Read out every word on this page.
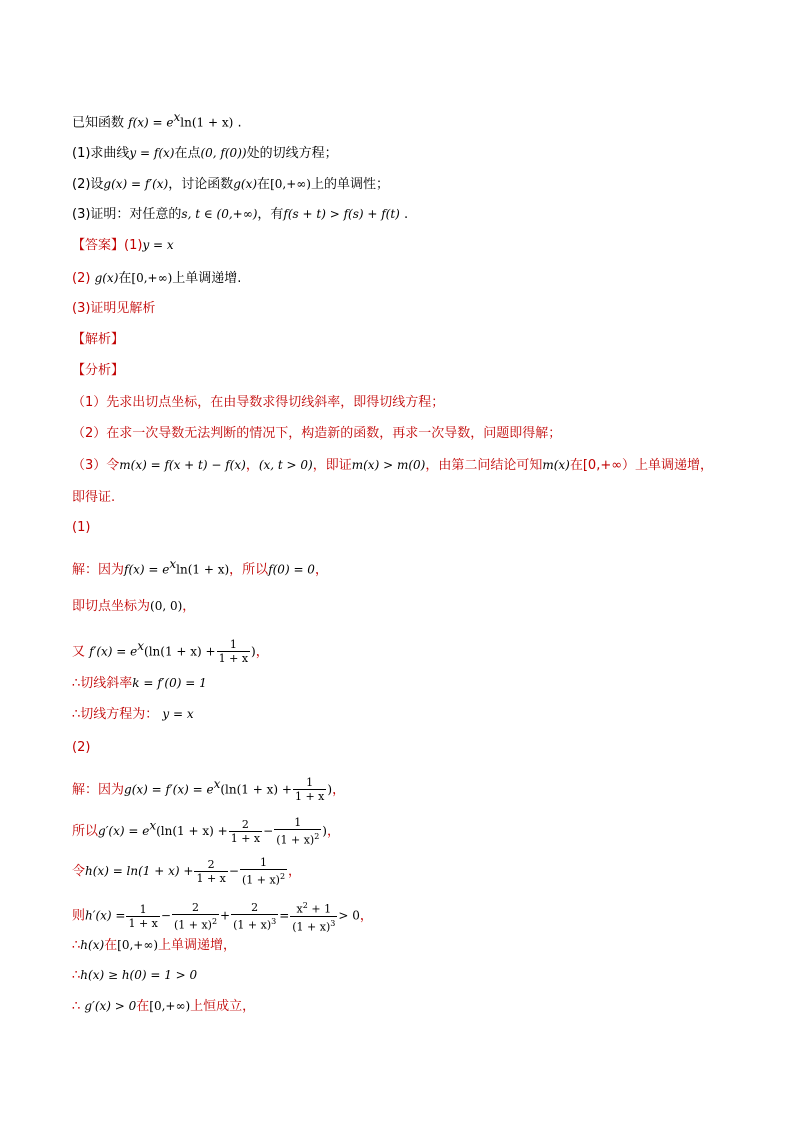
已知函数 $f(x) = e^x\ln(1 + x)$ .
(1)求曲线y = f(x)在点(0, f(0))处的切线方程；
(2)设g(x) = f′(x)，讨论函数g(x)在[0,+∞)上的单调性；
(3)证明：对任意的s, t ∈ (0,+∞)，有f(s + t) > f(s) + f(t) .
【答案】(1)y = x
(2) g(x)在[0,+∞)上单调递增.
(3)证明见解析
【解析】
【分析】
（1）先求出切点坐标，在由导数求得切线斜率，即得切线方程；
（2）在求一次导数无法判断的情况下，构造新的函数，再求一次导数，问题即得解；
（3）令m(x) = f(x + t) − f(x)，(x, t > 0)，即证m(x) > m(0)，由第二问结论可知m(x)在[0,+∞）上单调递增，
即得证.
(1)
解：因为$f(x) = e^x\ln(1 + x)$，所以f(0) = 0，
即切点坐标为(0, 0)，
又 $f'(x) = e^x(\ln(1 + x) + \frac{1}{1 + x}$ )，
∴切线斜率k = f′(0) = 1
∴切线方程为： y = x
(2)
解：因为$g(x) = f'(x) = e^x(\ln(1 + x) + \frac{1}{1 + x}$ )，
所以$g'(x) = e^x(\ln(1 + x) + \frac{2}{1 + x} - \frac{1}{(1 + x)^2}$ )，
令$h(x) = \ln(1 + x) + \frac{2}{1 + x} - \frac{1}{(1 + x)^2}$ ，
则$h'(x) = \frac{1}{1 + x} - \frac{2}{(1 + x)^2} + \frac{2}{(1 + x)^3} = \frac{x^2 + 1}{(1 + x)^3} > 0$，
∴h(x)在[0,+∞)上单调递增，
∴h(x) ≥ h(0) = 1 > 0
∴ g′(x) > 0在[0,+∞)上恒成立，
